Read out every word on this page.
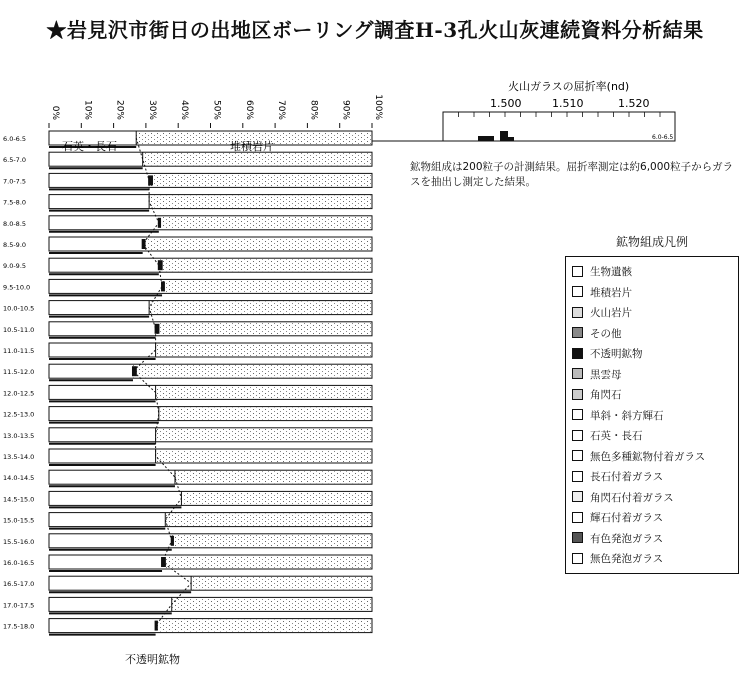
★岩見沢市街日の出地区ボーリング調査H-3孔火山灰連続資料分析結果
0% 10% 20% 30% 40% 50% 60% 70% 80% 90% 100%
6.0-6.5
6.5-7.0
7.0-7.5
7.5-8.0
8.0-8.5
8.5-9.0
9.0-9.5
9.5-10.0
10.0-10.5
10.5-11.0
11.0-11.5
11.5-12.0
12.0-12.5
12.5-13.0
13.0-13.5
13.5-14.0
14.0-14.5
14.5-15.0
15.0-15.5
15.5-16.0
16.0-16.5
16.5-17.0
17.0-17.5
17.5-18.0
石英・長石	堆積岩片
不透明鉱物
火山ガラスの屈折率(nd)
1.500	1.510	1.520
6.0-6.5
鉱物組成は200粒子の計測結果。屈折率測定は約6,000粒子からガラスを抽出し測定した結果。
鉱物組成凡例
生物遺骸
堆積岩片
火山岩片
その他
不透明鉱物
黒雲母
角閃石
単斜・斜方輝石
石英・長石
無色多種鉱物付着ガラス
長石付着ガラス
角閃石付着ガラス
輝石付着ガラス
有色発泡ガラス
無色発泡ガラス
